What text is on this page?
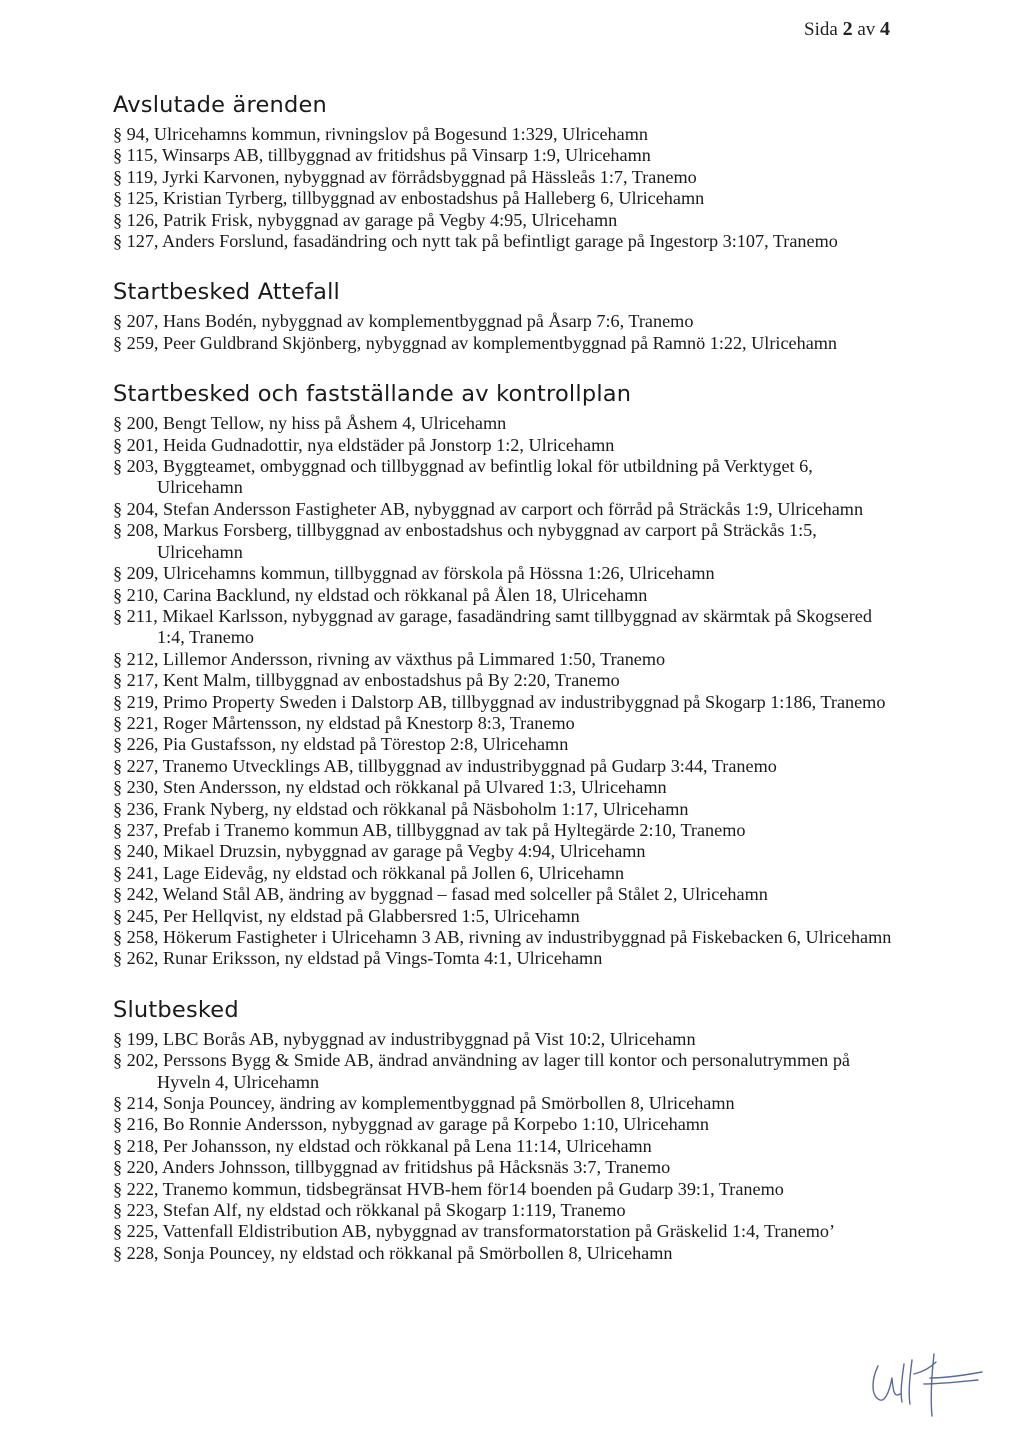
Sida 2 av 4
Avslutade ärenden
§ 94, Ulricehamns kommun, rivningslov på Bogesund 1:329, Ulricehamn
§ 115, Winsarps AB, tillbyggnad av fritidshus på Vinsarp 1:9, Ulricehamn
§ 119, Jyrki Karvonen, nybyggnad av förrådsbyggnad på Hässleås 1:7, Tranemo
§ 125, Kristian Tyrberg, tillbyggnad av enbostadshus på Halleberg 6, Ulricehamn
§ 126, Patrik Frisk, nybyggnad av garage på Vegby 4:95, Ulricehamn
§ 127, Anders Forslund, fasadändring och nytt tak på befintligt garage på Ingestorp 3:107, Tranemo
Startbesked Attefall
§ 207, Hans Bodén, nybyggnad av komplementbyggnad på Åsarp 7:6, Tranemo
§ 259, Peer Guldbrand Skjönberg, nybyggnad av komplementbyggnad på Ramnö 1:22, Ulricehamn
Startbesked och fastställande av kontrollplan
§ 200, Bengt Tellow, ny hiss på Åshem 4, Ulricehamn
§ 201, Heida Gudnadottir, nya eldstäder på Jonstorp 1:2, Ulricehamn
§ 203, Byggteamet, ombyggnad och tillbyggnad av befintlig lokal för utbildning på Verktyget 6, Ulricehamn
§ 204, Stefan Andersson Fastigheter AB, nybyggnad av carport och förråd på Sträckås 1:9, Ulricehamn
§ 208, Markus Forsberg, tillbyggnad av enbostadshus och nybyggnad av carport på Sträckås 1:5, Ulricehamn
§ 209, Ulricehamns kommun, tillbyggnad av förskola på Hössna 1:26, Ulricehamn
§ 210, Carina Backlund, ny eldstad och rökkanal på Ålen 18, Ulricehamn
§ 211, Mikael Karlsson, nybyggnad av garage, fasadändring samt tillbyggnad av skärmtak på Skogsered 1:4, Tranemo
§ 212, Lillemor Andersson, rivning av växthus på Limmared 1:50, Tranemo
§ 217, Kent Malm, tillbyggnad av enbostadshus på By 2:20, Tranemo
§ 219, Primo Property Sweden i Dalstorp AB, tillbyggnad av industribyggnad på Skogarp 1:186, Tranemo
§ 221, Roger Mårtensson, ny eldstad på Knestorp 8:3, Tranemo
§ 226, Pia Gustafsson, ny eldstad på Törestop 2:8, Ulricehamn
§ 227, Tranemo Utvecklings AB, tillbyggnad av industribyggnad på Gudarp 3:44, Tranemo
§ 230, Sten Andersson, ny eldstad och rökkanal på Ulvared 1:3, Ulricehamn
§ 236, Frank Nyberg, ny eldstad och rökkanal på Näsboholm 1:17, Ulricehamn
§ 237, Prefab i Tranemo kommun AB, tillbyggnad av tak på Hyltegärde 2:10, Tranemo
§ 240, Mikael Druzsin, nybyggnad av garage på Vegby 4:94, Ulricehamn
§ 241, Lage Eidevåg, ny eldstad och rökkanal på Jollen 6, Ulricehamn
§ 242, Weland Stål AB, ändring av byggnad – fasad med solceller på Stålet 2, Ulricehamn
§ 245, Per Hellqvist, ny eldstad på Glabbersred 1:5, Ulricehamn
§ 258, Hökerum Fastigheter i Ulricehamn 3 AB, rivning av industribyggnad på Fiskebacken 6, Ulricehamn
§ 262, Runar Eriksson, ny eldstad på Vings-Tomta 4:1, Ulricehamn
Slutbesked
§ 199, LBC Borås AB, nybyggnad av industribyggnad på Vist 10:2, Ulricehamn
§ 202, Perssons Bygg & Smide AB, ändrad användning av lager till kontor och personalutrymmen på Hyveln 4, Ulricehamn
§ 214, Sonja Pouncey, ändring av komplementbyggnad på Smörbollen 8, Ulricehamn
§ 216, Bo Ronnie Andersson, nybyggnad av garage på Korpebo 1:10, Ulricehamn
§ 218, Per Johansson, ny eldstad och rökkanal på Lena 11:14, Ulricehamn
§ 220, Anders Johnsson, tillbyggnad av fritidshus på Håcksnäs 3:7, Tranemo
§ 222, Tranemo kommun, tidsbegränsat HVB-hem för14 boenden på Gudarp 39:1, Tranemo
§ 223, Stefan Alf, ny eldstad och rökkanal på Skogarp 1:119, Tranemo
§ 225, Vattenfall Eldistribution AB, nybyggnad av transformatorstation på Gräskelid 1:4, Tranemo’
§ 228, Sonja Pouncey, ny eldstad och rökkanal på Smörbollen 8, Ulricehamn
